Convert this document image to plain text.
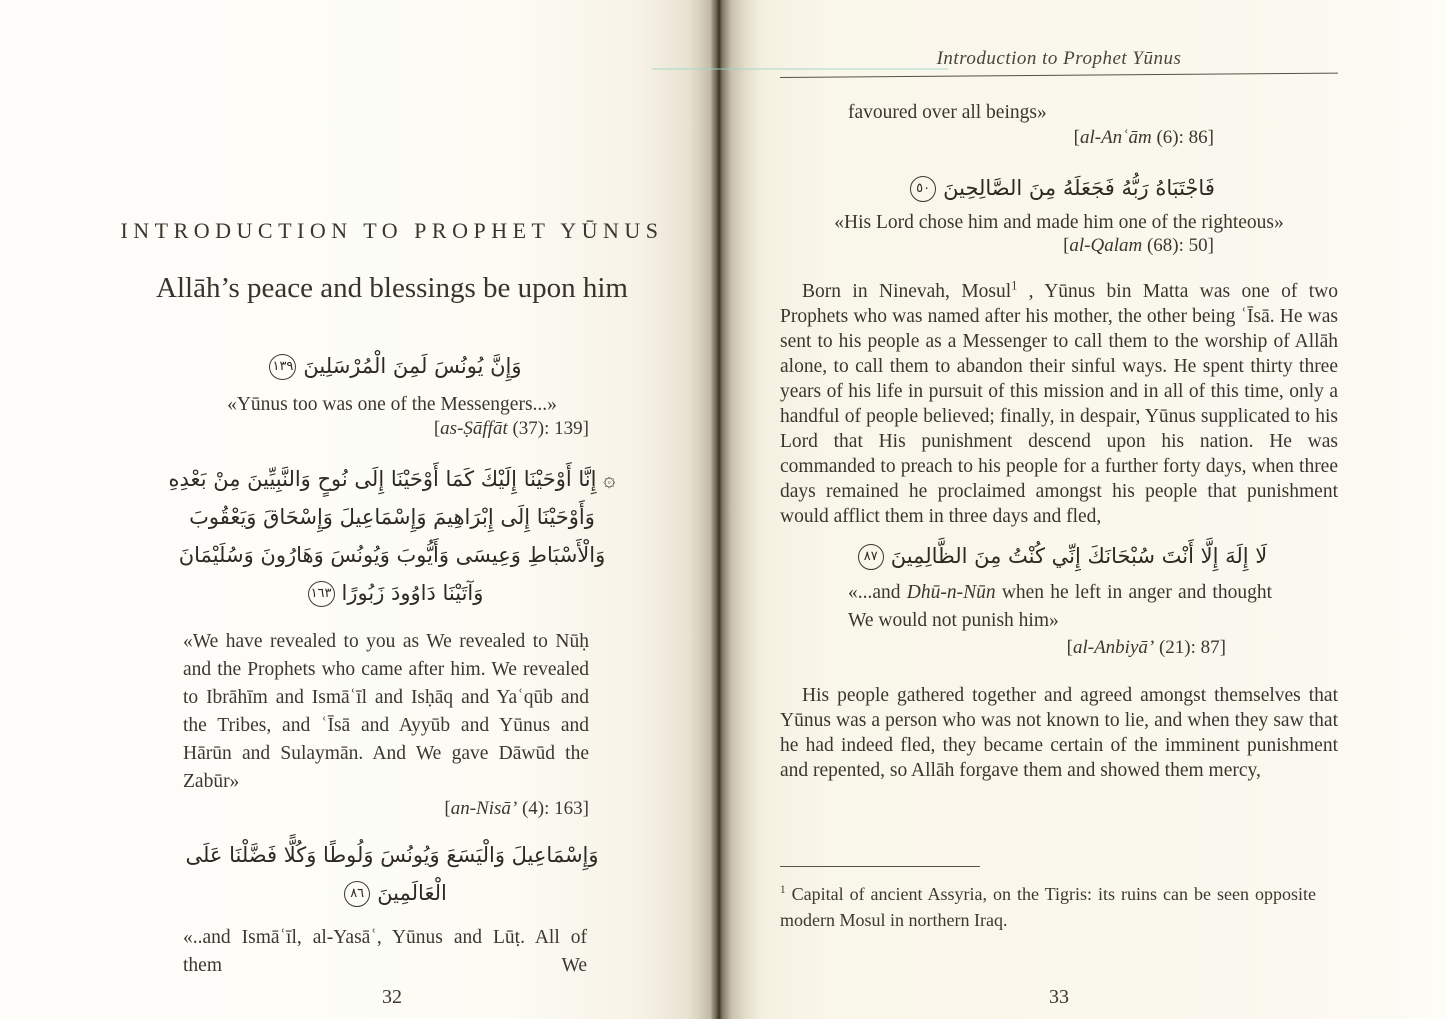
INTRODUCTION TO PROPHET YŪNUS
Allāh’s peace and blessings be upon him
وَإِنَّ يُونُسَ لَمِنَ الْمُرْسَلِينَ١٣٩
«Yūnus too was one of the Messengers...»
[as-Ṣāffāt (37): 139]
۞ إِنَّا أَوْحَيْنَا إِلَيْكَ كَمَا أَوْحَيْنَا إِلَى نُوحٍ وَالنَّبِيِّينَ مِنْ بَعْدِهِ
وَأَوْحَيْنَا إِلَى إِبْرَاهِيمَ وَإِسْمَاعِيلَ وَإِسْحَاقَ وَيَعْقُوبَ
وَالْأَسْبَاطِ وَعِيسَى وَأَيُّوبَ وَيُونُسَ وَهَارُونَ وَسُلَيْمَانَ
وَآتَيْنَا دَاوُودَ زَبُورًا١٦٣
«We have revealed to you as We revealed to Nūḥ and the Prophets who came after him. We revealed to Ibrāhīm and Ismāʿīl and Isḥāq and Yaʿqūb and the Tribes, and ʿĪsā and Ayyūb and Yūnus and Hārūn and Sulaymān. And We gave Dāwūd the Zabūr»
[an-Nisā’ (4): 163]
وَإِسْمَاعِيلَ وَالْيَسَعَ وَيُونُسَ وَلُوطًا وَكُلًّا فَضَّلْنَا عَلَى
الْعَالَمِينَ٨٦
«..and Ismāʿīl, al-Yasāʿ, Yūnus and Lūṭ. All of them We
32
Introduction to Prophet Yūnus
favoured over all beings»
[al-Anʿām (6): 86]
فَاجْتَبَاهُ رَبُّهُ فَجَعَلَهُ مِنَ الصَّالِحِينَ٥٠
«His Lord chose him and made him one of the righteous»
[al-Qalam (68): 50]

Born in Ninevah, Mosul$^1$ , Yūnus bin Matta was one of two Prophets who was named after his mother, the other being ʿĪsā. He was sent to his people as a Messenger to call them to the worship of Allāh alone, to call them to abandon their sinful ways. He spent thirty three years of his life in pursuit of this mission and in all of this time, only a handful of people believed; finally, in despair, Yūnus supplicated to his Lord that His punishment descend upon his nation. He was commanded to preach to his people for a further forty days, when three days remained he proclaimed amongst his people that punishment would afflict them in three days and fled,

لَا إِلَهَ إِلَّا أَنْتَ سُبْحَانَكَ إِنِّي كُنْتُ مِنَ الظَّالِمِينَ٨٧
«...and Dhū-n-Nūn when he left in anger and thought We would not punish him»
[al-Anbiyā’ (21): 87]

His people gathered together and agreed amongst themselves that Yūnus was a person who was not known to lie, and when they saw that he had indeed fled, they became certain of the imminent punishment and repented, so Allāh forgave them and showed them mercy,

$^1$ Capital of ancient Assyria, on the Tigris: its ruins can be seen opposite modern Mosul in northern Iraq.
33
